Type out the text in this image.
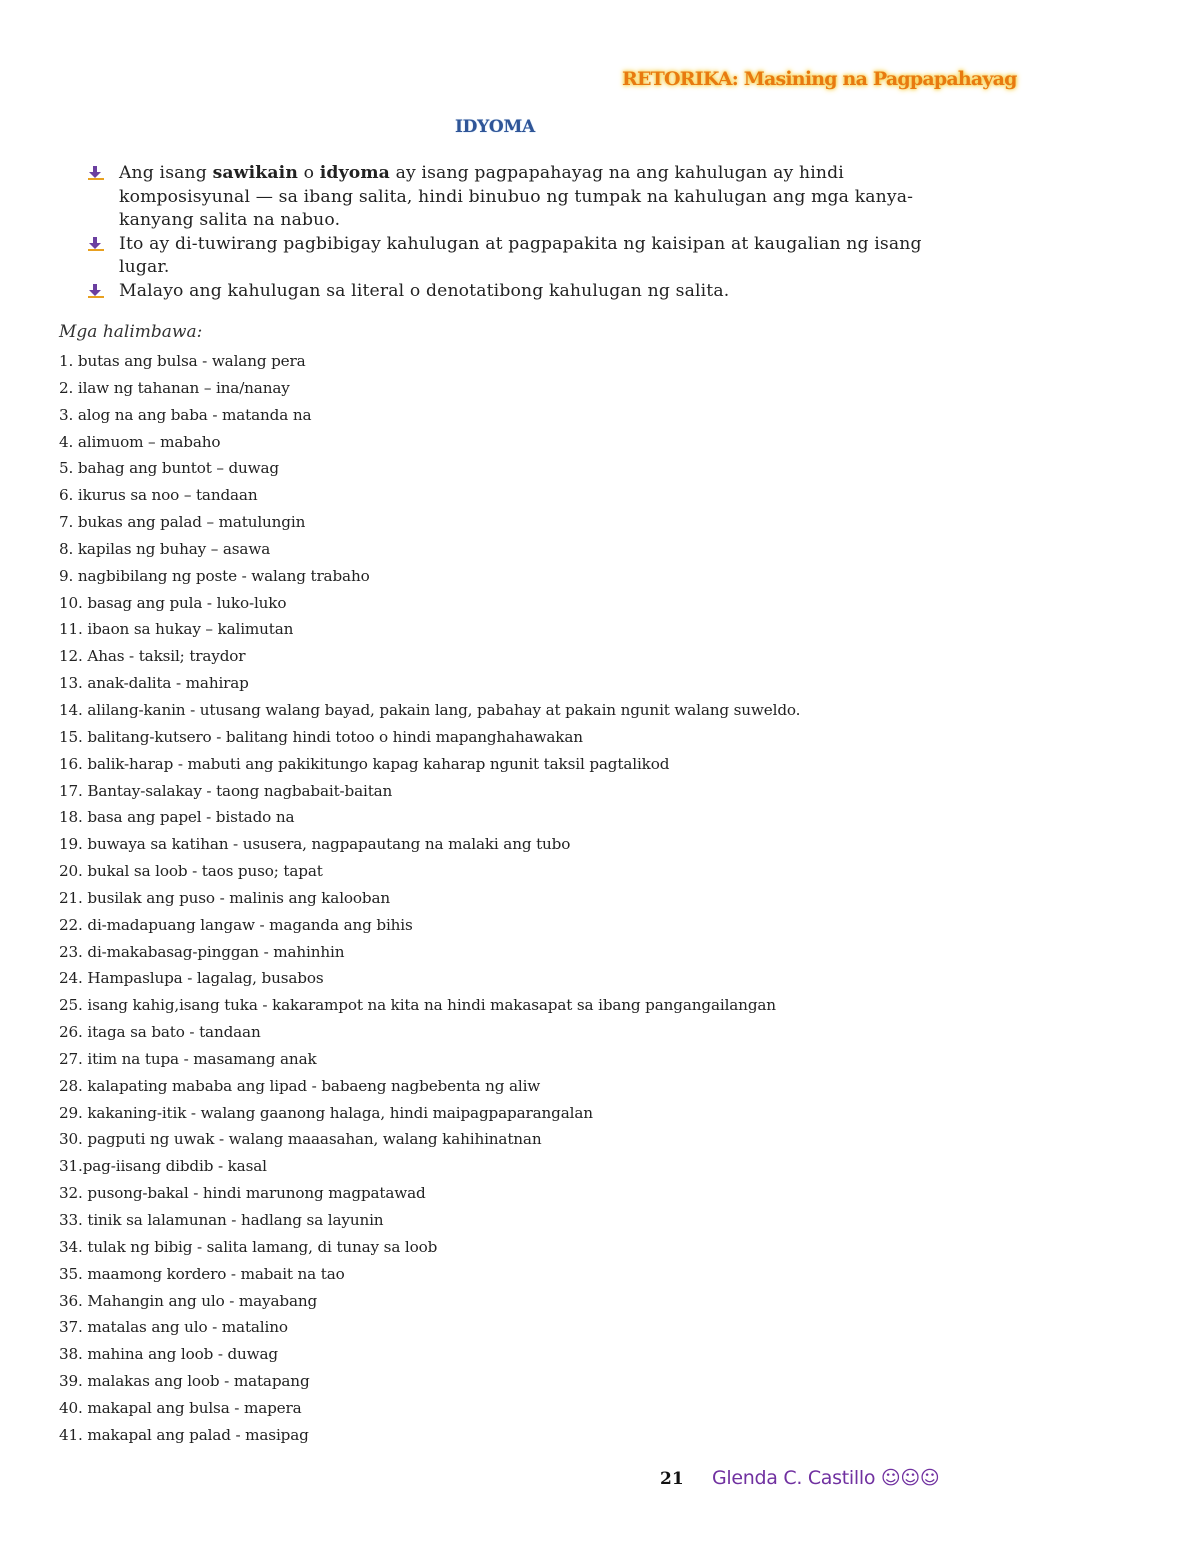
RETORIKA: Masining na Pagpapahayag
IDYOMA
Ang isang sawikain o idyoma ay isang pagpapahayag na ang kahulugan ay hindi komposisyunal — sa ibang salita, hindi binubuo ng tumpak na kahulugan ang mga kanya-kanyang salita na nabuo.
Ito ay di-tuwirang pagbibigay kahulugan at pagpapakita ng kaisipan at kaugalian ng isang lugar.
Malayo ang kahulugan sa literal o denotatibong kahulugan ng salita.
Mga halimbawa:
1. butas ang bulsa - walang pera
2. ilaw ng tahanan – ina/nanay
3. alog na ang baba - matanda na
4. alimuom – mabaho
5. bahag ang buntot – duwag
6. ikurus sa noo – tandaan
7. bukas ang palad – matulungin
8. kapilas ng buhay – asawa
9. nagbibilang ng poste - walang trabaho
10. basag ang pula - luko-luko
11. ibaon sa hukay – kalimutan
12. Ahas - taksil; traydor
13. anak-dalita - mahirap
14. alilang-kanin - utusang walang bayad, pakain lang, pabahay at pakain ngunit walang suweldo.
15. balitang-kutsero - balitang hindi totoo o hindi mapanghahawakan
16. balik-harap - mabuti ang pakikitungo kapag kaharap ngunit taksil pagtalikod
17. Bantay-salakay - taong nagbabait-baitan
18. basa ang papel - bistado na
19. buwaya sa katihan - ususera, nagpapautang na malaki ang tubo
20. bukal sa loob - taos puso; tapat
21. busilak ang puso - malinis ang kalooban
22. di-madapuang langaw - maganda ang bihis
23. di-makabasag-pinggan - mahinhin
24. Hampaslupa - lagalag, busabos
25. isang kahig,isang tuka - kakarampot na kita na hindi makasapat sa ibang pangangailangan
26. itaga sa bato - tandaan
27. itim na tupa - masamang anak
28. kalapating mababa ang lipad - babaeng nagbebenta ng aliw
29. kakaning-itik - walang gaanong halaga, hindi maipagpaparangalan
30. pagputi ng uwak - walang maaasahan, walang kahihinatnan
31.pag-iisang dibdib - kasal
32. pusong-bakal - hindi marunong magpatawad
33. tinik sa lalamunan - hadlang sa layunin
34. tulak ng bibig - salita lamang, di tunay sa loob
35. maamong kordero - mabait na tao
36. Mahangin ang ulo - mayabang
37. matalas ang ulo - matalino
38. mahina ang loob - duwag
39. malakas ang loob - matapang
40. makapal ang bulsa - mapera
41. makapal ang palad - masipag
21 Glenda C. Castillo ☺☺☺
